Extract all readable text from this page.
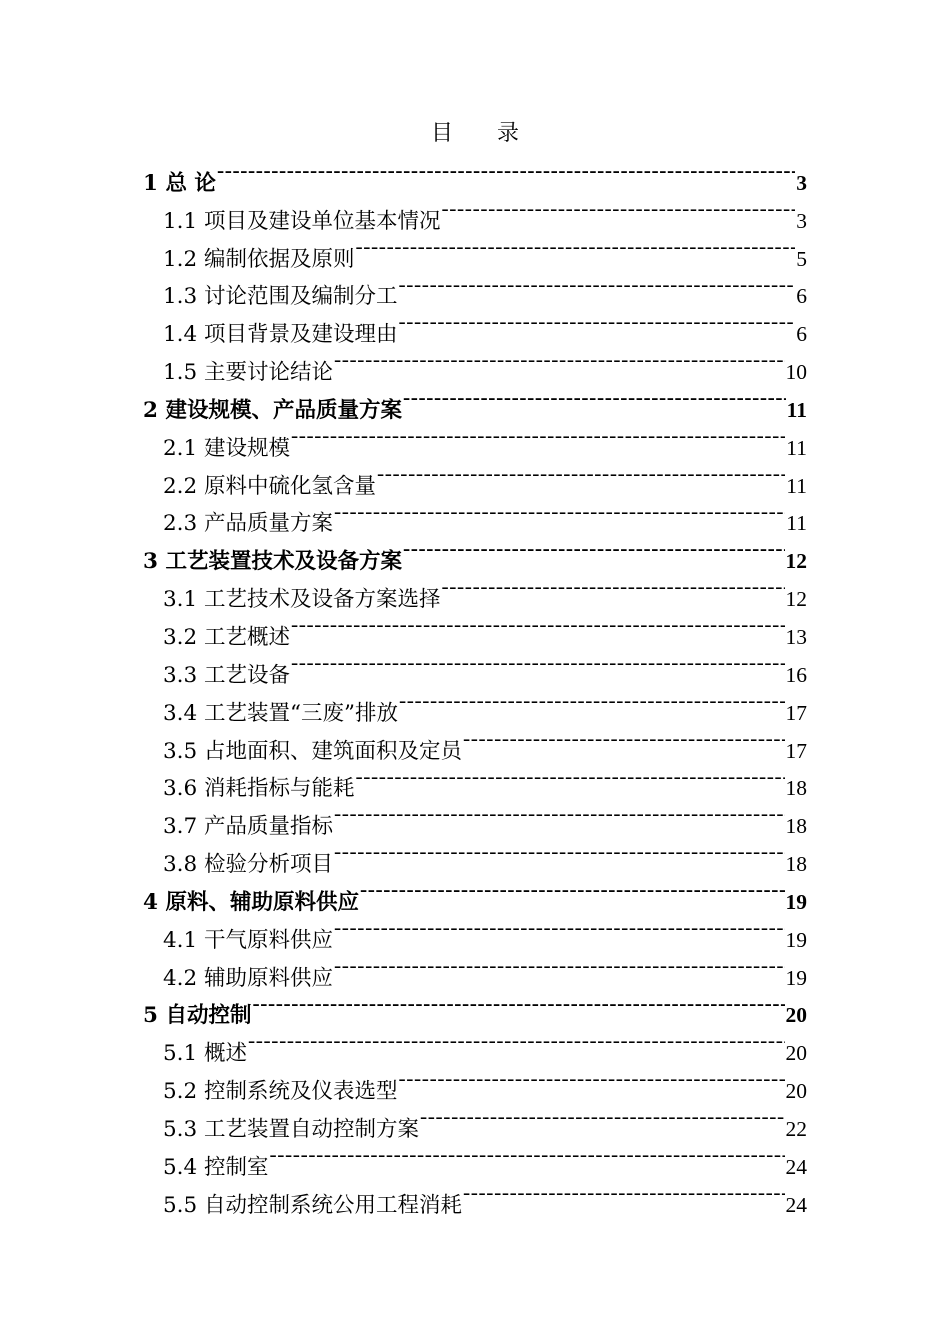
目　　录
1 总 论 -----	3
1.1 项目及建设单位基本情况 -----	3
1.2 编制依据及原则 -----	5
1.3 讨论范围及编制分工 -----	6
1.4 项目背景及建设理由 -----	6
1.5 主要讨论结论 -----	10
2 建设规模、产品质量方案 -----	11
2.1 建设规模 -----	11
2.2 原料中硫化氢含量 -----	11
2.3 产品质量方案 -----	11
3 工艺装置技术及设备方案 -----	12
3.1 工艺技术及设备方案选择 -----	12
3.2 工艺概述 -----	13
3.3 工艺设备 -----	16
3.4 工艺装置“三废”排放 -----	17
3.5 占地面积、建筑面积及定员 -----	17
3.6 消耗指标与能耗 -----	18
3.7 产品质量指标 -----	18
3.8 检验分析项目 -----	18
4 原料、辅助原料供应 -----	19
4.1 干气原料供应 -----	19
4.2 辅助原料供应 -----	19
5 自动控制 -----	20
5.1 概述 -----	20
5.2 控制系统及仪表选型 -----	20
5.3 工艺装置自动控制方案 -----	22
5.4 控制室 -----	24
5.5 自动控制系统公用工程消耗 -----	24
